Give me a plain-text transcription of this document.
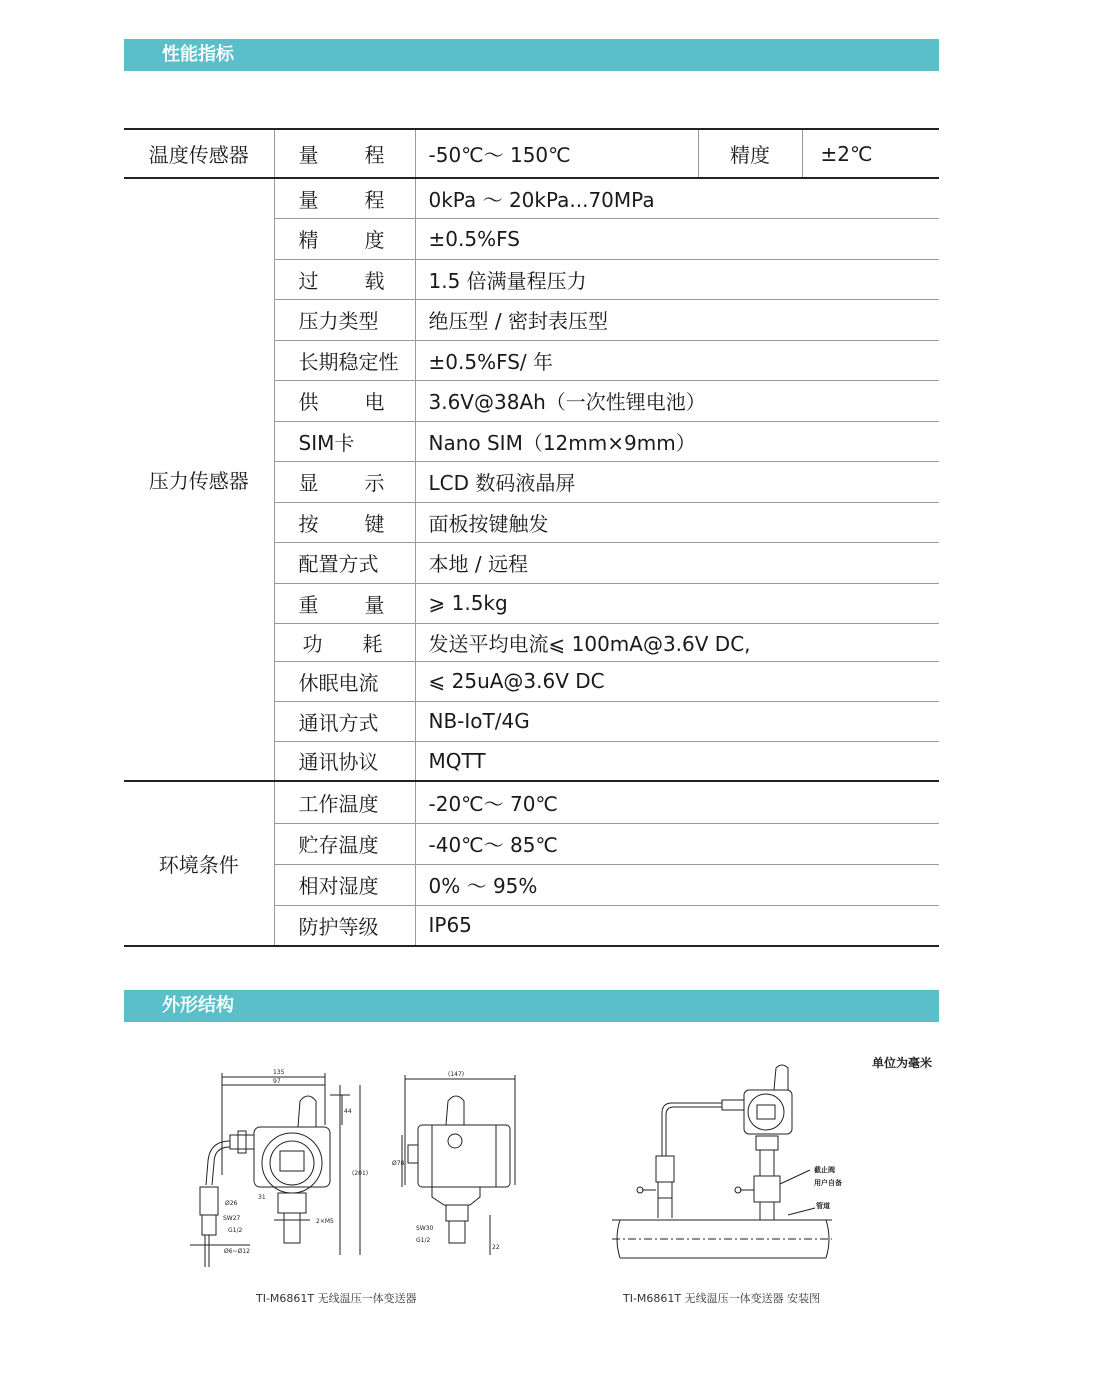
性能指标
温度传感器	量 程	-50℃～ 150℃	精度	±2℃
压力传感器	量 程	0kPa ～ 20kPa...70MPa		
	精 度	±0.5%FS		
	过 载	1.5 倍满量程压力		
	压力类型	绝压型 / 密封表压型		
	长期稳定性	±0.5%FS/ 年		
	供 电	3.6V@38Ah（一次性锂电池）		
	SIM卡	Nano SIM（12mm×9mm）		
	显 示	LCD 数码液晶屏		
	按 键	面板按键触发		
	配置方式	本地 / 远程		
	重 量	⩾ 1.5kg		
	功 耗	发送平均电流⩽ 100mA@3.6V DC,		
	休眠电流	⩽ 25uA@3.6V DC		
	通讯方式	NB-IoT/4G		
	通讯协议	MQTT		
环境条件	工作温度	-20℃～ 70℃		
	贮存温度	-40℃～ 85℃		
	相对湿度	0% ～ 95%		
	防护等级	IP65		
外形结构
单位为毫米
135
97
44
(201)
Ø26
SW27
G1/2
Ø6~Ø12
31
2×M5
(147)
Ø78
SW30
G1/2
22
截止阀
用户自备
管道
TI-M6861T 无线温压一体变送器	TI-M6861T 无线温压一体变送器 安装图
